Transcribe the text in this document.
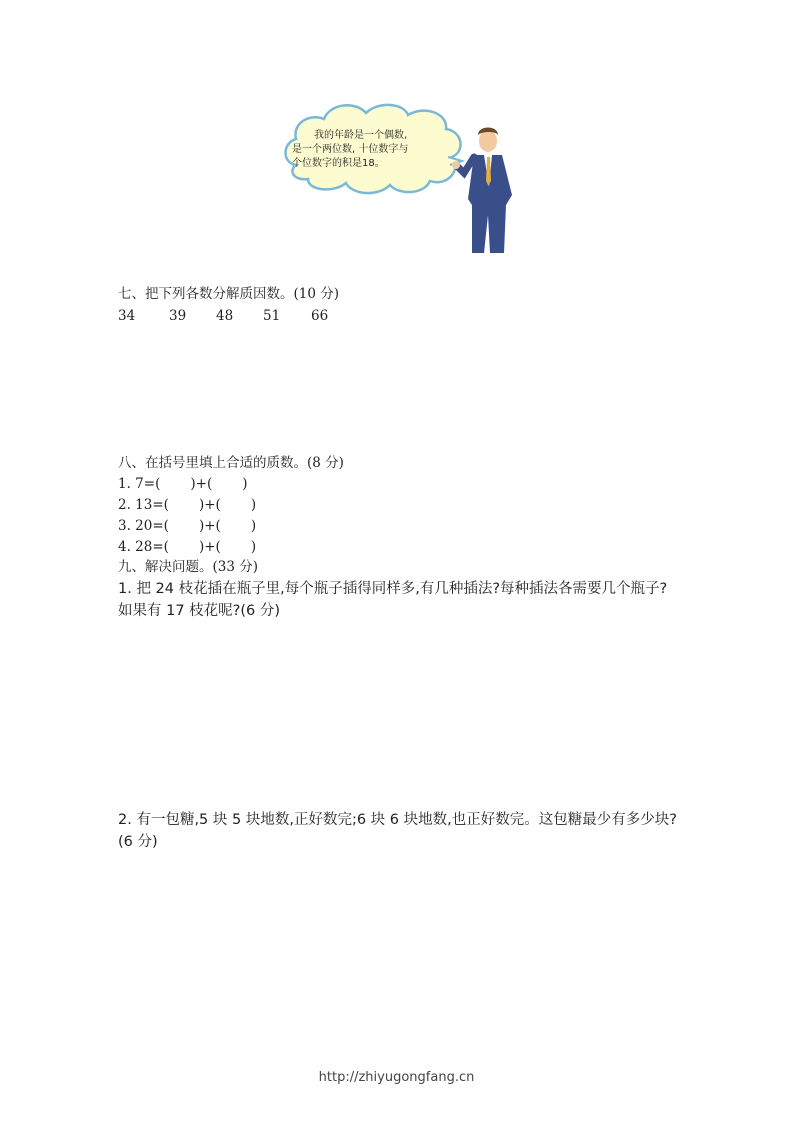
我的年龄是一个偶数,
是一个两位数, 十位数字与
个位数字的积是18。
七、把下列各数分解质因数。(10 分)
34	39 48 51 66
八、在括号里填上合适的质数。(8 分)
1. 7=(       )+(       )
2. 13=(       )+(       )
3. 20=(       )+(       )
4. 28=(       )+(       )
九、解决问题。(33 分)
1. 把 24 枝花插在瓶子里,每个瓶子插得同样多,有几种插法?每种插法各需要几个瓶子?如果有 17 枝花呢?(6 分)
2. 有一包糖,5 块 5 块地数,正好数完;6 块 6 块地数,也正好数完。这包糖最少有多少块?(6 分)
http://zhiyugongfang.cn
